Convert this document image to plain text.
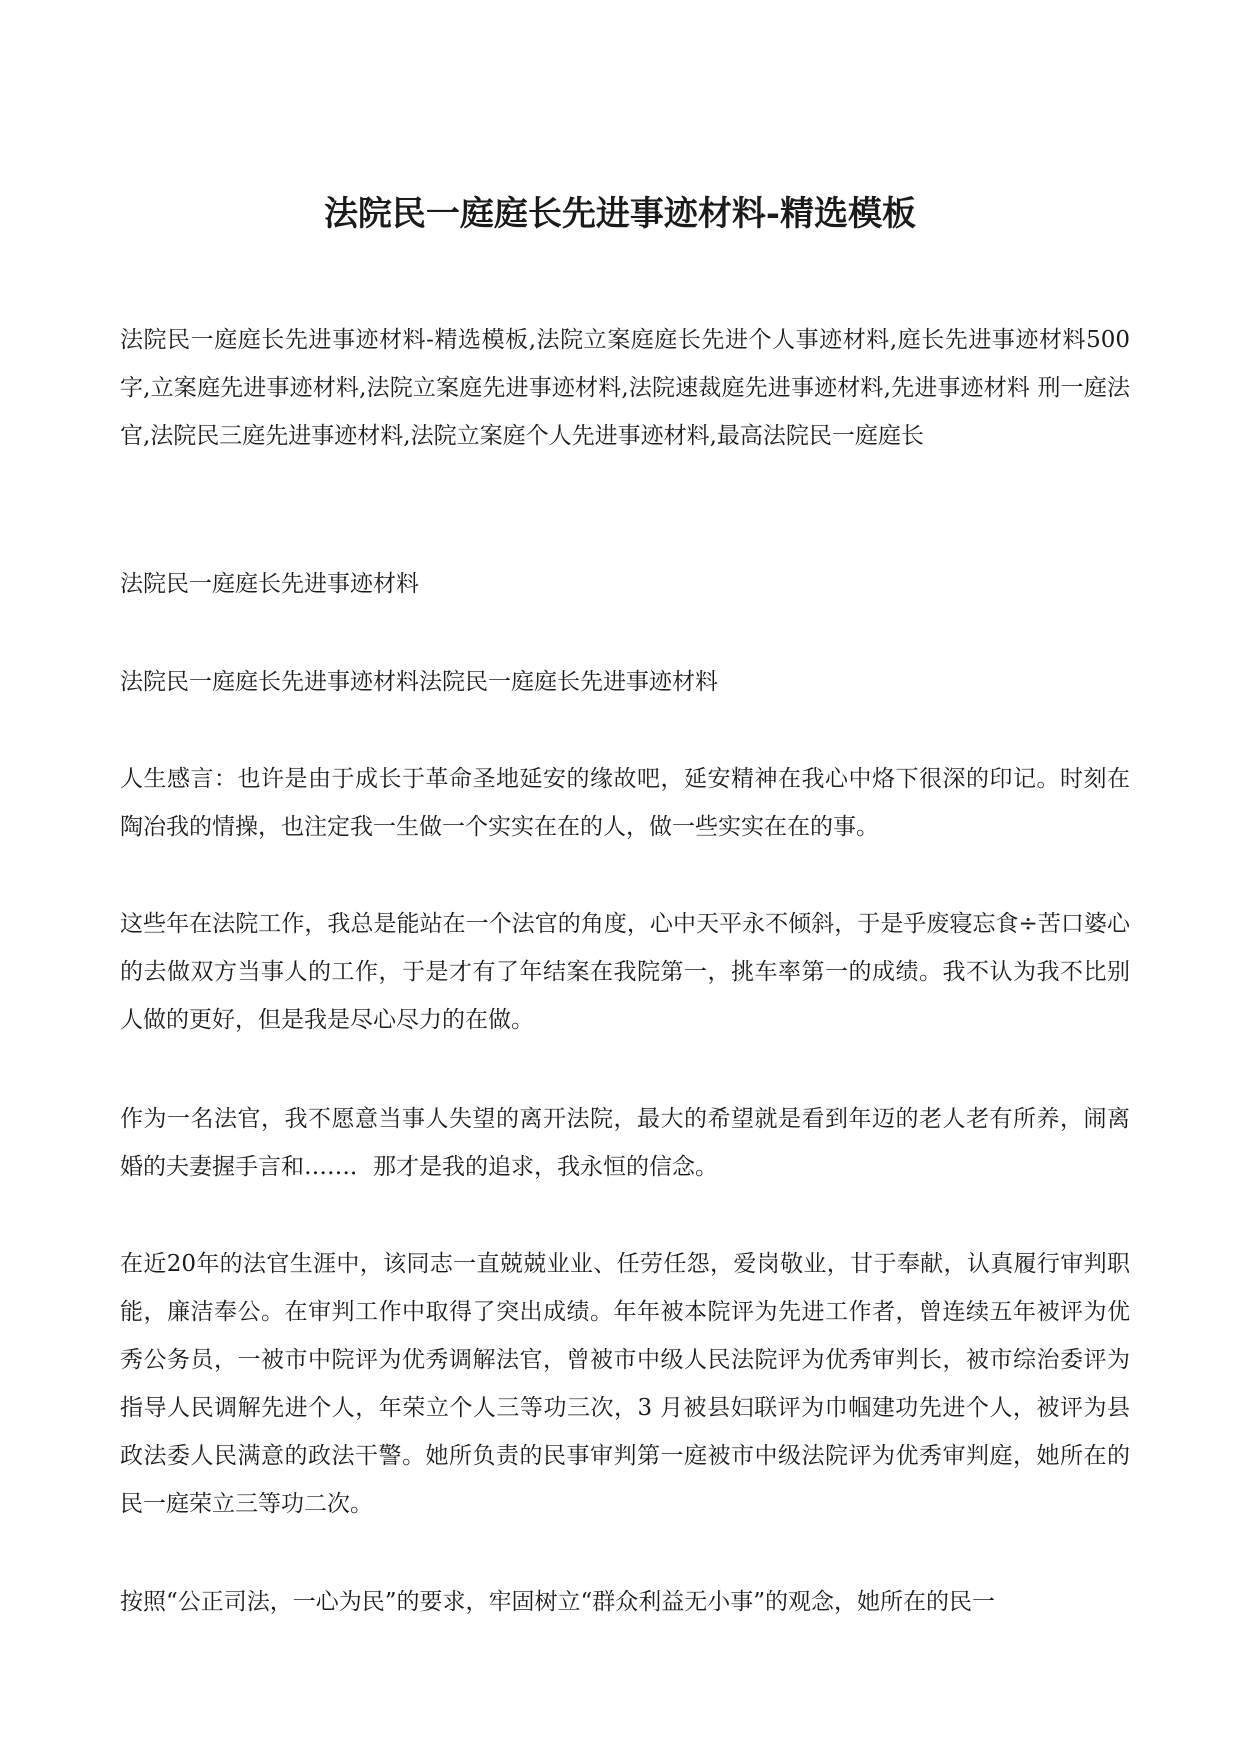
法院民一庭庭长先进事迹材料-精选模板
法院民一庭庭长先进事迹材料-精选模板,法院立案庭庭长先进个人事迹材料,庭长先进事迹材料500字,立案庭先进事迹材料,法院立案庭先进事迹材料,法院速裁庭先进事迹材料,先进事迹材料 刑一庭法官,法院民三庭先进事迹材料,法院立案庭个人先进事迹材料,最高法院民一庭庭长
法院民一庭庭长先进事迹材料
法院民一庭庭长先进事迹材料法院民一庭庭长先进事迹材料
人生感言：也许是由于成长于革命圣地延安的缘故吧，延安精神在我心中烙下很深的印记。时刻在陶冶我的情操，也注定我一生做一个实实在在的人，做一些实实在在的事。
这些年在法院工作，我总是能站在一个法官的角度，心中天平永不倾斜，于是乎废寝忘食÷苦口婆心的去做双方当事人的工作，于是才有了年结案在我院第一，挑车率第一的成绩。我不认为我不比别人做的更好，但是我是尽心尽力的在做。
作为一名法官，我不愿意当事人失望的离开法院，最大的希望就是看到年迈的老人老有所养，闹离婚的夫妻握手言和……．那才是我的追求，我永恒的信念。
在近20年的法官生涯中，该同志一直兢兢业业、任劳任怨，爱岗敬业，甘于奉献，认真履行审判职能，廉洁奉公。在审判工作中取得了突出成绩。年年被本院评为先进工作者，曾连续五年被评为优秀公务员，一被市中院评为优秀调解法官，曾被市中级人民法院评为优秀审判长，被市综治委评为指导人民调解先进个人，年荣立个人三等功三次，3 月被县妇联评为巾帼建功先进个人，被评为县政法委人民满意的政法干警。她所负责的民事审判第一庭被市中级法院评为优秀审判庭，她所在的民一庭荣立三等功二次。
按照“公正司法，一心为民”的要求，牢固树立“群众利益无小事”的观念，她所在的民一
